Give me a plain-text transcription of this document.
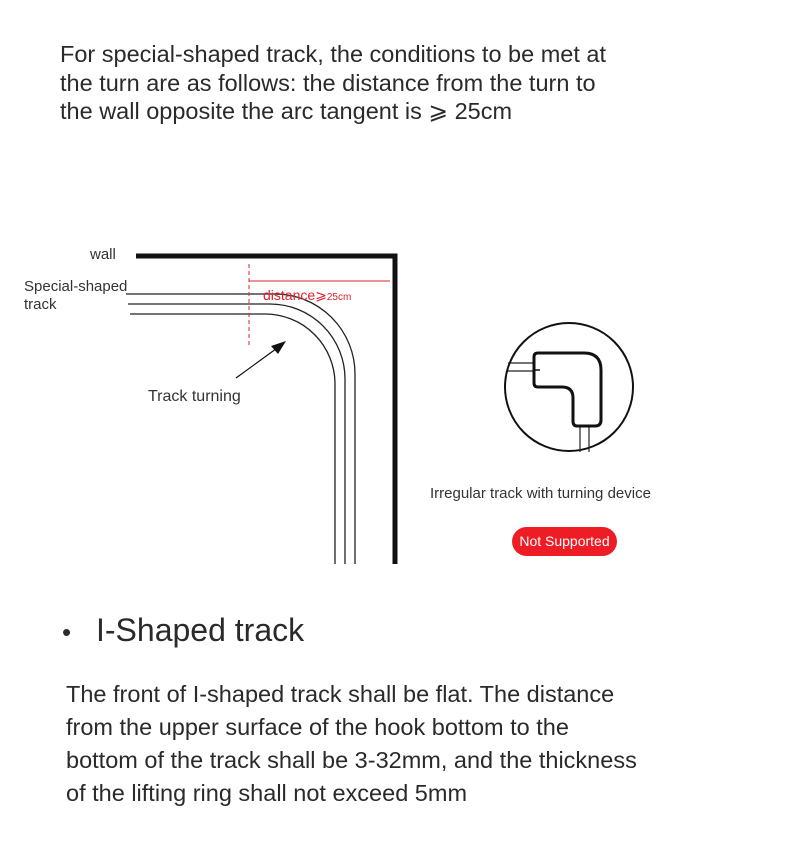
For special-shaped track, the conditions to be met at
the turn are as follows: the distance from the turn to
the wall opposite the arc tangent is ⩾ 25cm

wall
Special-shaped
track
distance⩾25cm
Track turning
Irregular track with turning device
Not Supported
• I-Shaped track

The front of I-shaped track shall be flat. The distance
from the upper surface of the hook bottom to the
bottom of the track shall be 3-32mm, and the thickness
of the lifting ring shall not exceed 5mm
